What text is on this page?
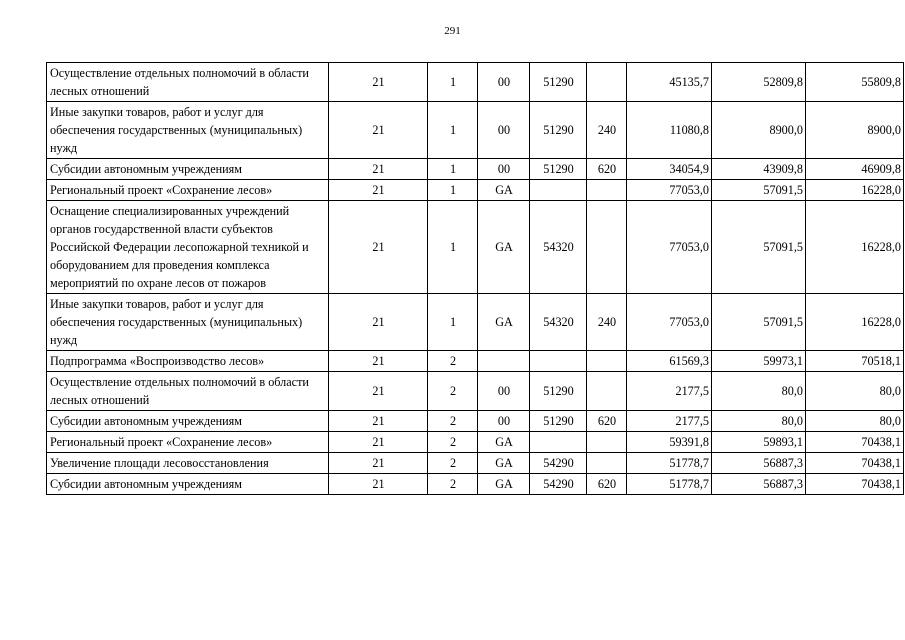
291
Осуществление отдельных полномочий в области лесных отношений	21	1	00	51290		45135,7	52809,8	55809,8
Иные закупки товаров, работ и услуг для обеспечения государственных (муниципальных) нужд	21	1	00	51290	240	11080,8	8900,0	8900,0
Субсидии автономным учреждениям	21	1	00	51290	620	34054,9	43909,8	46909,8
Региональный проект «Сохранение лесов»	21	1	GA			77053,0	57091,5	16228,0
Оснащение специализированных учреждений органов государственной власти субъектов Российской Федерации лесопожарной техникой и оборудованием для проведения комплекса мероприятий по охране лесов от пожаров	21	1	GA	54320		77053,0	57091,5	16228,0
Иные закупки товаров, работ и услуг для обеспечения государственных (муниципальных) нужд	21	1	GA	54320	240	77053,0	57091,5	16228,0
Подпрограмма «Воспроизводство лесов»	21	2				61569,3	59973,1	70518,1
Осуществление отдельных полномочий в области лесных отношений	21	2	00	51290		2177,5	80,0	80,0
Субсидии автономным учреждениям	21	2	00	51290	620	2177,5	80,0	80,0
Региональный проект «Сохранение лесов»	21	2	GA			59391,8	59893,1	70438,1
Увеличение площади лесовосстановления	21	2	GA	54290		51778,7	56887,3	70438,1
Субсидии автономным учреждениям	21	2	GA	54290	620	51778,7	56887,3	70438,1
